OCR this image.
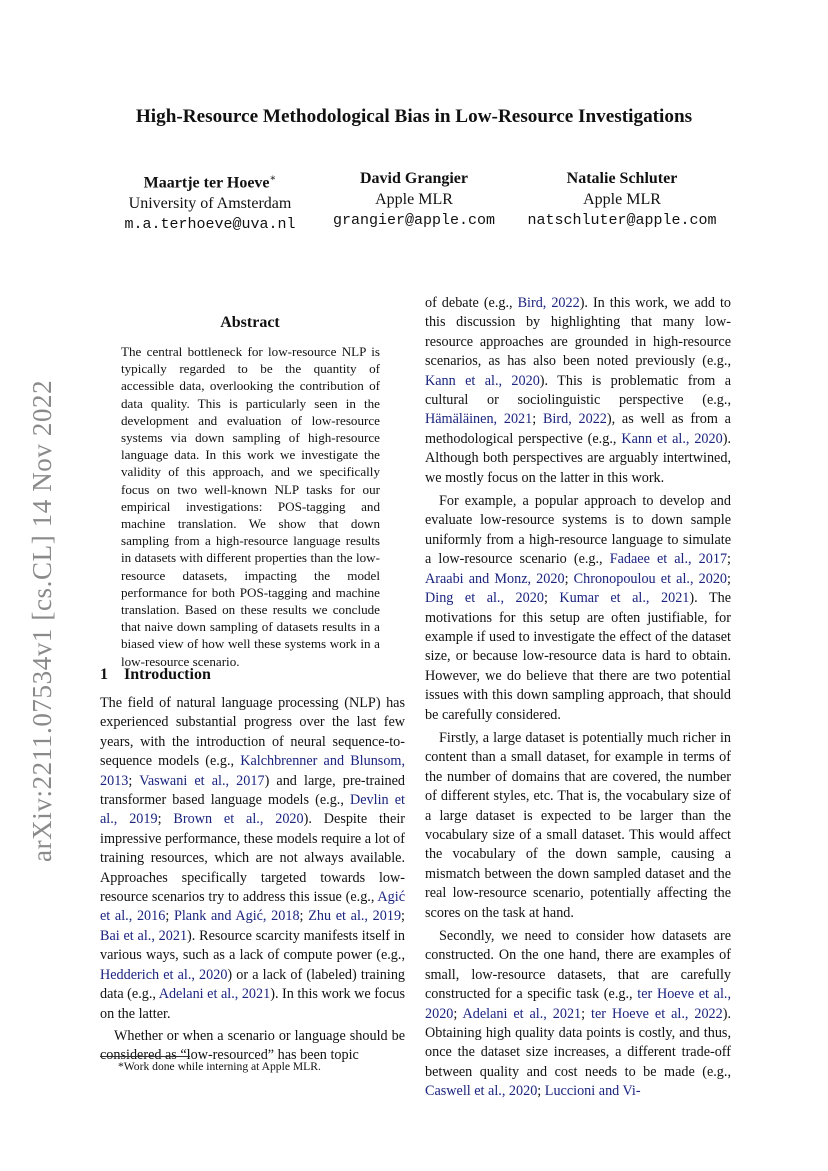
arXiv:2211.07534v1 [cs.CL] 14 Nov 2022
High-Resource Methodological Bias in Low-Resource Investigations
Maartje ter Hoeve∗
University of Amsterdam
m.a.terhoeve@uva.nl
David Grangier
Apple MLR
grangier@apple.com
Natalie Schluter
Apple MLR
natschluter@apple.com
Abstract
The central bottleneck for low-resource NLP is typically regarded to be the quantity of accessible data, overlooking the contribution of data quality. This is particularly seen in the development and evaluation of low-resource systems via down sampling of high-resource language data. In this work we investigate the validity of this approach, and we specifically focus on two well-known NLP tasks for our empirical investigations: POS-tagging and machine translation. We show that down sampling from a high-resource language results in datasets with different properties than the low-resource datasets, impacting the model performance for both POS-tagging and machine translation. Based on these results we conclude that naive down sampling of datasets results in a biased view of how well these systems work in a low-resource scenario.
1 Introduction

The field of natural language processing (NLP) has experienced substantial progress over the last few years, with the introduction of neural sequence-to-sequence models (e.g., Kalchbrenner and Blunsom, 2013; Vaswani et al., 2017) and large, pre-trained transformer based language models (e.g., Devlin et al., 2019; Brown et al., 2020). Despite their impressive performance, these models require a lot of training resources, which are not always available. Approaches specifically targeted towards low-resource scenarios try to address this issue (e.g., Agić et al., 2016; Plank and Agić, 2018; Zhu et al., 2019; Bai et al., 2021). Resource scarcity manifests itself in various ways, such as a lack of compute power (e.g., Hedderich et al., 2020) or a lack of (labeled) training data (e.g., Adelani et al., 2021). In this work we focus on the latter.

Whether or when a scenario or language should be considered as “low-resourced” has been topic

*Work done while interning at Apple MLR.

of debate (e.g., Bird, 2022). In this work, we add to this discussion by highlighting that many low-resource approaches are grounded in high-resource scenarios, as has also been noted previously (e.g., Kann et al., 2020). This is problematic from a cultural or sociolinguistic perspective (e.g., Hämäläinen, 2021; Bird, 2022), as well as from a methodological perspective (e.g., Kann et al., 2020). Although both perspectives are arguably intertwined, we mostly focus on the latter in this work.

For example, a popular approach to develop and evaluate low-resource systems is to down sample uniformly from a high-resource language to simulate a low-resource scenario (e.g., Fadaee et al., 2017; Araabi and Monz, 2020; Chronopoulou et al., 2020; Ding et al., 2020; Kumar et al., 2021). The motivations for this setup are often justifiable, for example if used to investigate the effect of the dataset size, or because low-resource data is hard to obtain. However, we do believe that there are two potential issues with this down sampling approach, that should be carefully considered.

Firstly, a large dataset is potentially much richer in content than a small dataset, for example in terms of the number of domains that are covered, the number of different styles, etc. That is, the vocabulary size of a large dataset is expected to be larger than the vocabulary size of a small dataset. This would affect the vocabulary of the down sample, causing a mismatch between the down sampled dataset and the real low-resource scenario, potentially affecting the scores on the task at hand.

Secondly, we need to consider how datasets are constructed. On the one hand, there are examples of small, low-resource datasets, that are carefully constructed for a specific task (e.g., ter Hoeve et al., 2020; Adelani et al., 2021; ter Hoeve et al., 2022). Obtaining high quality data points is costly, and thus, once the dataset size increases, a different trade-off between quality and cost needs to be made (e.g., Caswell et al., 2020; Luccioni and Vi-
